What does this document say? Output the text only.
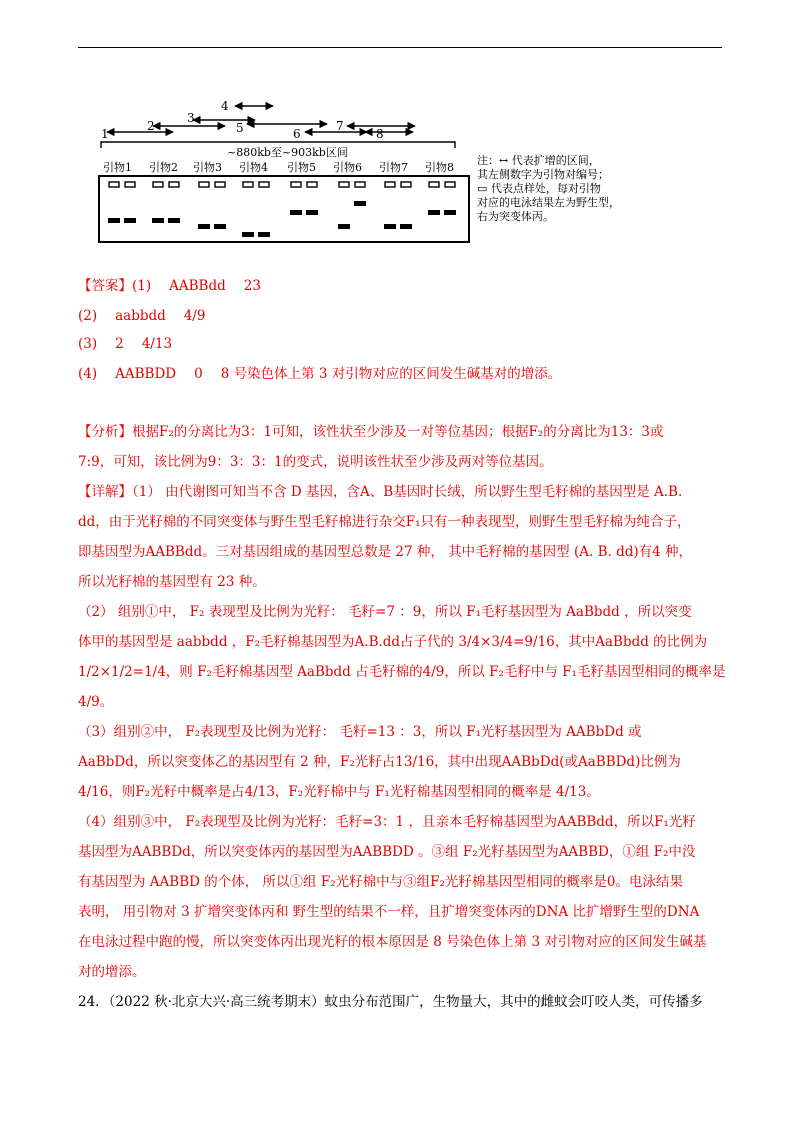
1
2
3
4
5	6
7
8
~880kb至~903kb区间
引物1 引物2 引物3 引物4 引物5 引物6 引物7 引物8
注：↔ 代表扩增的区间，
其左侧数字为引物对编号；
▭ 代表点样处，每对引物
对应的电泳结果左为野生型，
右为突变体丙。
【答案】(1) AABBdd 23
(2) aabbdd 4/9
(3) 2 4/13
(4) AABBDD 0 8 号染色体上第 3 对引物对应的区间发生碱基对的增添。
【分析】根据F₂的分离比为3：1可知，该性状至少涉及一对等位基因；根据F₂的分离比为13：3或
7:9，可知，该比例为9：3：3：1的变式，说明该性状至少涉及两对等位基因。
【详解】（1） 由代谢图可知当不含 D 基因，含A、B基因时长绒，所以野生型毛籽棉的基因型是 A.B.
dd，由于光籽棉的不同突变体与野生型毛籽棉进行杂交F₁只有一种表现型，则野生型毛籽棉为纯合子，
即基因型为AABBdd。三对基因组成的基因型总数是 27 种， 其中毛籽棉的基因型 (A. B. dd)有4 种，
所以光籽棉的基因型有 23 种。
（2） 组别①中， F₂ 表现型及比例为光籽： 毛籽=7 ：9，所以 F₁毛籽基因型为 AaBbdd ，所以突变
体甲的基因型是 aabbdd ，F₂毛籽棉基因型为A.B.dd占子代的 3/4×3/4=9/16，其中AaBbdd 的比例为
1/2×1/2=1/4，则 F₂毛籽棉基因型 AaBbdd 占毛籽棉的4/9，所以 F₂毛籽中与 F₁毛籽基因型相同的概率是
4/9。
（3）组别②中， F₂表现型及比例为光籽： 毛籽=13 ：3，所以 F₁光籽基因型为 AABbDd 或
AaBbDd，所以突变体乙的基因型有 2 种，F₂光籽占13/16，其中出现AABbDd(或AaBBDd)比例为
4/16，则F₂光籽中概率是占4/13，F₂光籽棉中与 F₁光籽棉基因型相同的概率是 4/13。
（4）组别③中， F₂表现型及比例为光籽：毛籽=3：1 ，且亲本毛籽棉基因型为AABBdd，所以F₁光籽
基因型为AABBDd，所以突变体丙的基因型为AABBDD 。③组 F₂光籽基因型为AABBD，①组 F₂中没
有基因型为 AABBD 的个体， 所以①组 F₂光籽棉中与③组F₂光籽棉基因型相同的概率是0。电泳结果
表明， 用引物对 3 扩增突变体丙和 野生型的结果不一样，且扩增突变体丙的DNA 比扩增野生型的DNA
在电泳过程中跑的慢，所以突变体丙出现光籽的根本原因是 8 号染色体上第 3 对引物对应的区间发生碱基
对的增添。
24．（2022 秋·北京大兴·高三统考期末）蚊虫分布范围广，生物量大，其中的雌蚊会叮咬人类，可传播多
